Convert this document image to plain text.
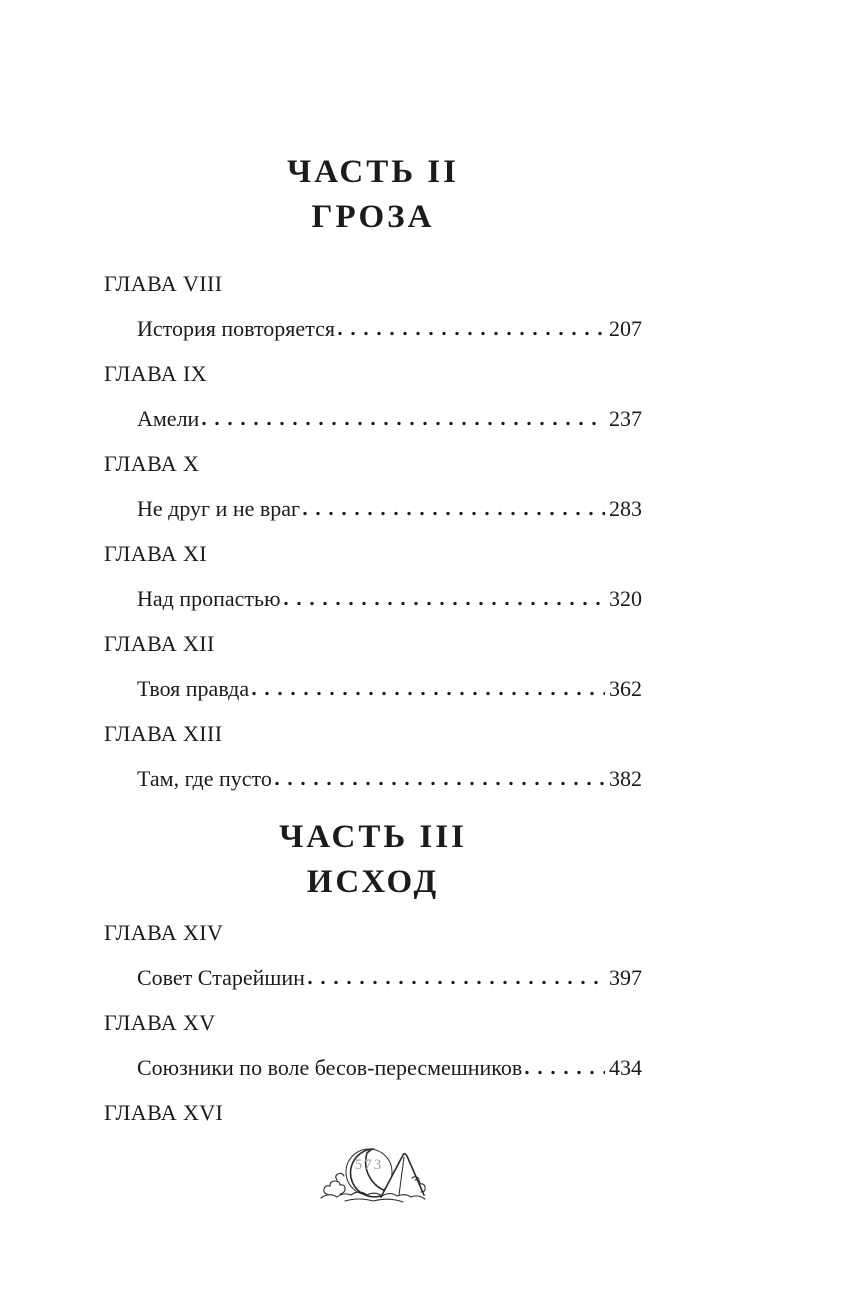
ЧАСТЬ II
ГРОЗА
ГЛАВА VIII
История повторяется	207
ГЛАВА IX
Амели	237
ГЛАВА X
Не друг и не враг	283
ГЛАВА XI
Над пропастью	320
ГЛАВА XII
Твоя правда	362
ГЛАВА XIII
Там, где пусто	382
ЧАСТЬ III
ИСХОД
ГЛАВА XIV
Совет Старейшин	397
ГЛАВА XV
Союзники по воле бесов-пересмешников	434
ГЛАВА XVI
573
